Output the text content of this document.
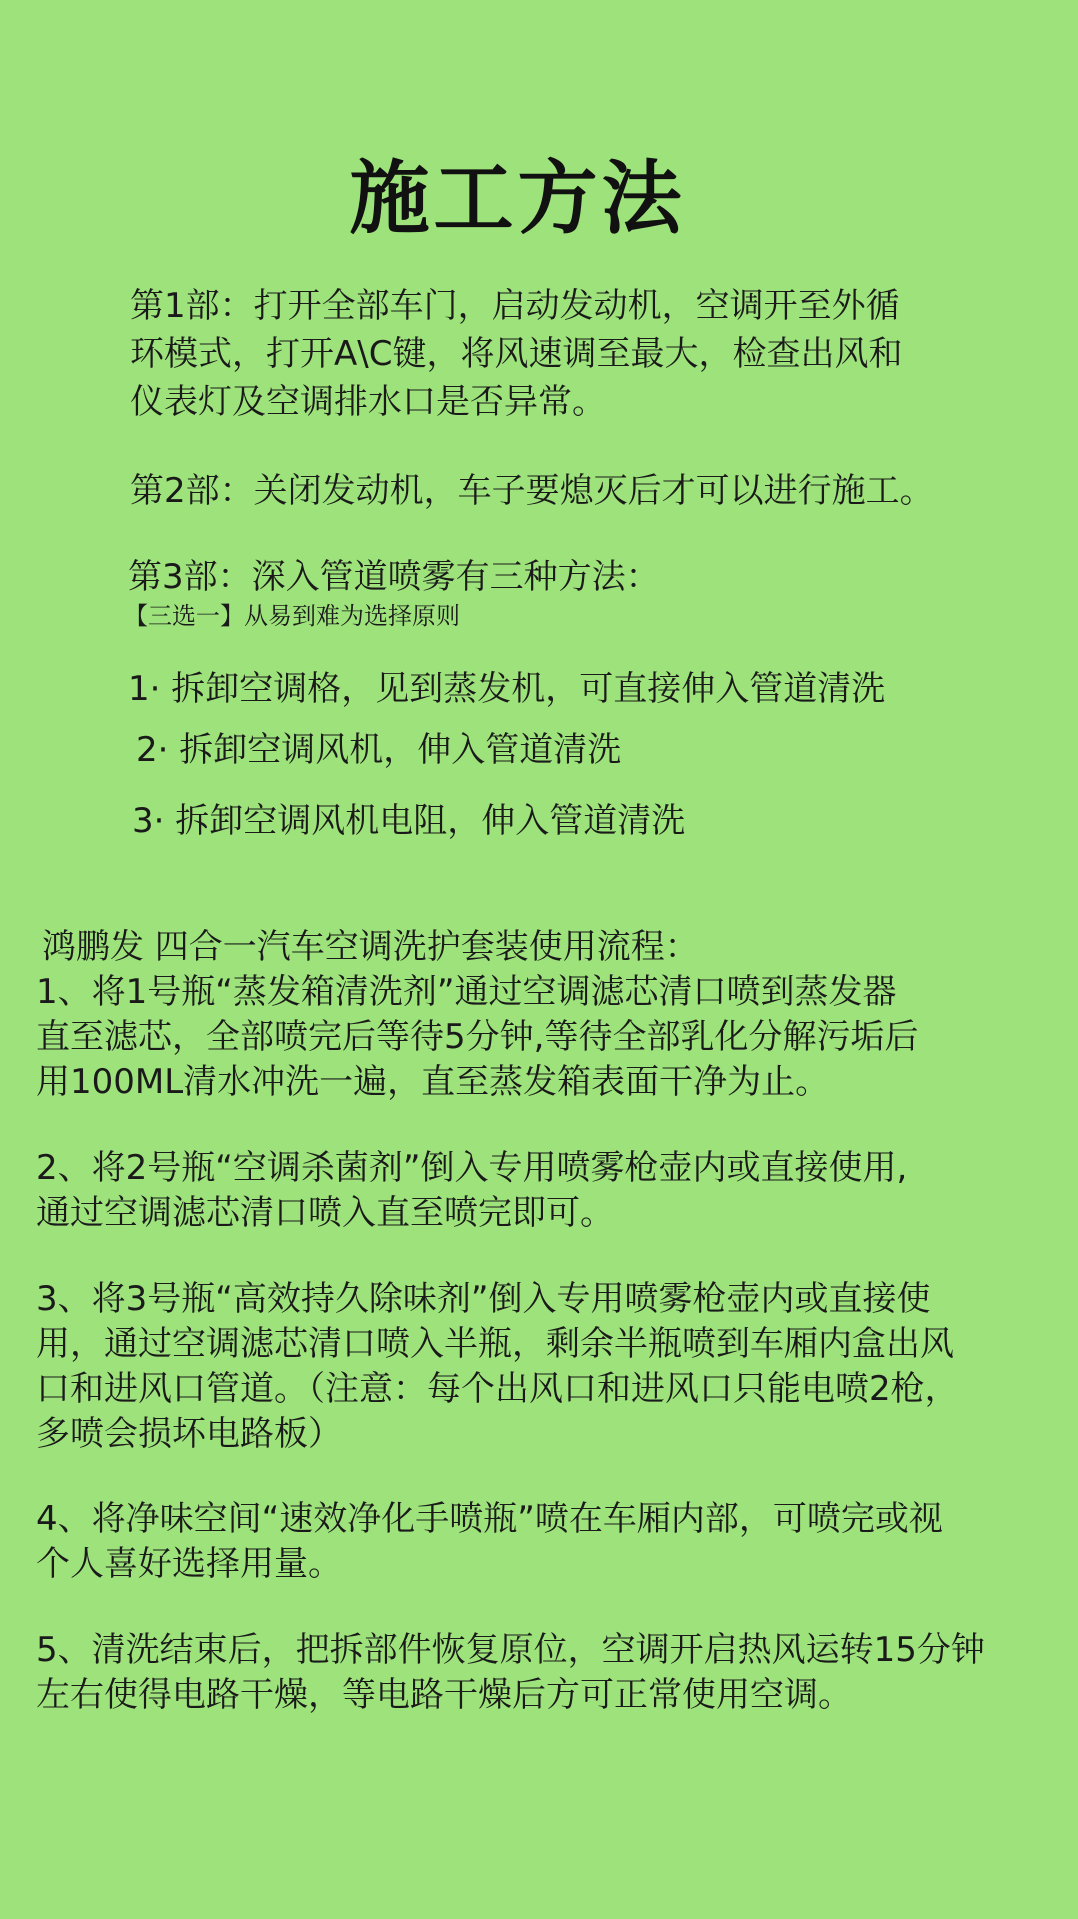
施工方法

第1部：打开全部车门，启动发动机，空调开至外循
环模式，打开A\C键，将风速调至最大，检查出风和
仪表灯及空调排水口是否异常。

第2部：关闭发动机，车子要熄灭后才可以进行施工。

第3部：深入管道喷雾有三种方法：

【三选一】从易到难为选择原则

1· 拆卸空调格，见到蒸发机，可直接伸入管道清洗

2· 拆卸空调风机，伸入管道清洗

3· 拆卸空调风机电阻，伸入管道清洗

鸿鹏发 四合一汽车空调洗护套装使用流程：

1、将1号瓶“蒸发箱清洗剂”通过空调滤芯清口喷到蒸发器
直至滤芯，全部喷完后等待5分钟,等待全部乳化分解污垢后
用100ML清水冲洗一遍，直至蒸发箱表面干净为止。

2、将2号瓶“空调杀菌剂”倒入专用喷雾枪壶内或直接使用,
通过空调滤芯清口喷入直至喷完即可。

3、将3号瓶“高效持久除味剂”倒入专用喷雾枪壶内或直接使
用，通过空调滤芯清口喷入半瓶，剩余半瓶喷到车厢内盒出风
口和进风口管道。（注意：每个出风口和进风口只能电喷2枪，
多喷会损坏电路板）

4、将净味空间“速效净化手喷瓶”喷在车厢内部，可喷完或视
个人喜好选择用量。

5、清洗结束后，把拆部件恢复原位，空调开启热风运转15分钟
左右使得电路干燥，等电路干燥后方可正常使用空调。
